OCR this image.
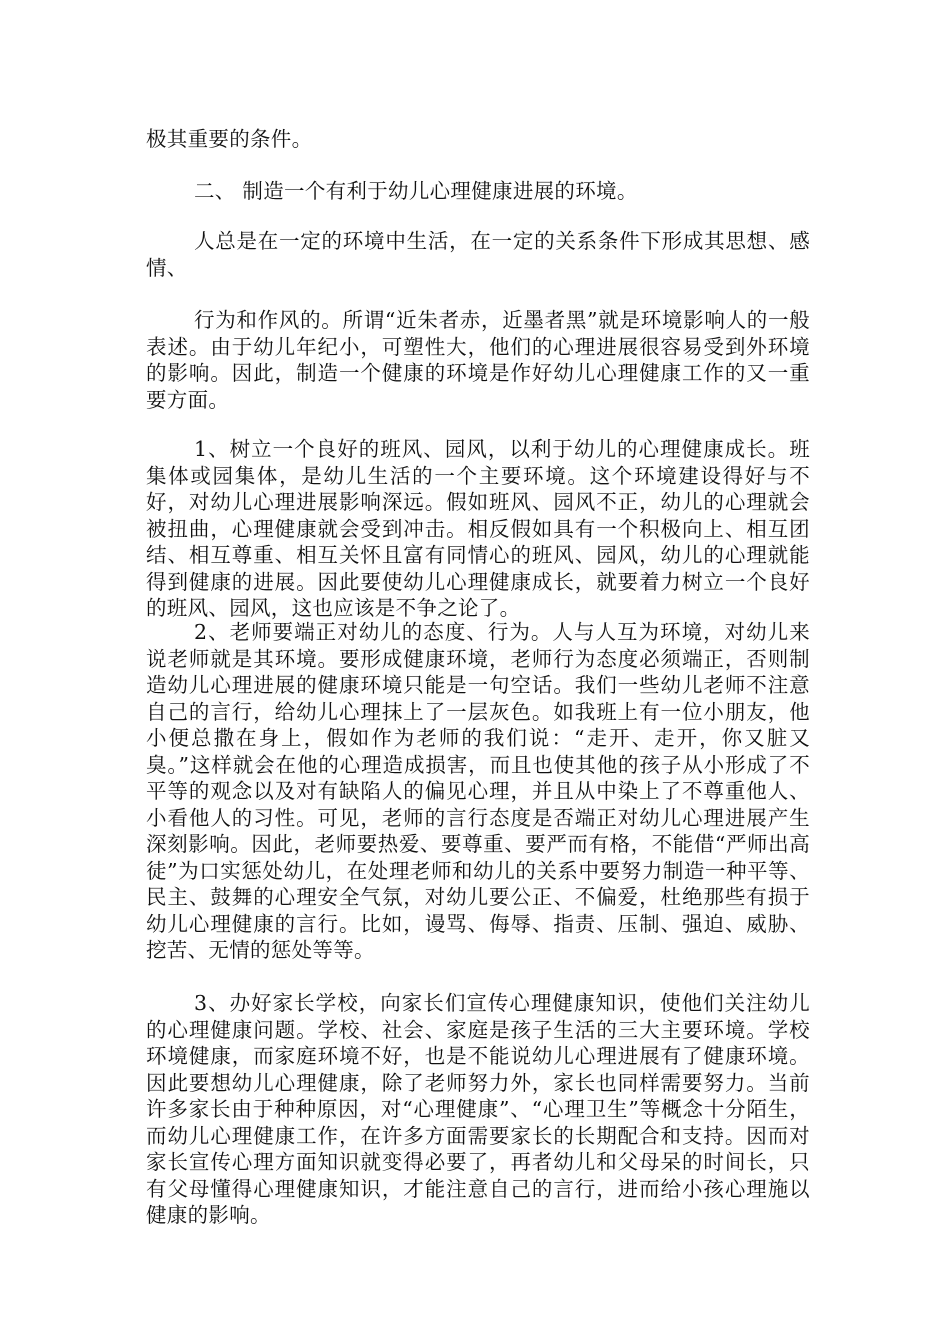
极其重要的条件。

二、 制造一个有利于幼儿心理健康进展的环境。

人总是在一定的环境中生活，在一定的关系条件下形成其思想、感情、

行为和作风的。所谓“近朱者赤，近墨者黑”就是环境影响人的一般表述。由于幼儿年纪小，可塑性大，他们的心理进展很容易受到外环境的影响。因此，制造一个健康的环境是作好幼儿心理健康工作的又一重要方面。

1、树立一个良好的班风、园风，以利于幼儿的心理健康成长。班集体或园集体，是幼儿生活的一个主要环境。这个环境建设得好与不好，对幼儿心理进展影响深远。假如班风、园风不正，幼儿的心理就会被扭曲，心理健康就会受到冲击。相反假如具有一个积极向上、相互团结、相互尊重、相互关怀且富有同情心的班风、园风，幼儿的心理就能得到健康的进展。因此要使幼儿心理健康成长，就要着力树立一个良好的班风、园风，这也应该是不争之论了。

2、老师要端正对幼儿的态度、行为。人与人互为环境，对幼儿来说老师就是其环境。要形成健康环境，老师行为态度必须端正，否则制造幼儿心理进展的健康环境只能是一句空话。我们一些幼儿老师不注意自己的言行，给幼儿心理抹上了一层灰色。如我班上有一位小朋友，他小便总撒在身上，假如作为老师的我们说：“走开、走开，你又脏又臭。”这样就会在他的心理造成损害，而且也使其他的孩子从小形成了不平等的观念以及对有缺陷人的偏见心理，并且从中染上了不尊重他人、小看他人的习性。可见，老师的言行态度是否端正对幼儿心理进展产生深刻影响。因此，老师要热爱、要尊重、要严而有格，不能借“严师出高徒”为口实惩处幼儿，在处理老师和幼儿的关系中要努力制造一种平等、民主、鼓舞的心理安全气氛，对幼儿要公正、不偏爱，杜绝那些有损于幼儿心理健康的言行。比如，谩骂、侮辱、指责、压制、强迫、威胁、挖苦、无情的惩处等等。

3、办好家长学校，向家长们宣传心理健康知识，使他们关注幼儿的心理健康问题。学校、社会、家庭是孩子生活的三大主要环境。学校环境健康，而家庭环境不好，也是不能说幼儿心理进展有了健康环境。因此要想幼儿心理健康，除了老师努力外，家长也同样需要努力。当前许多家长由于种种原因，对“心理健康”、“心理卫生”等概念十分陌生，而幼儿心理健康工作，在许多方面需要家长的长期配合和支持。因而对家长宣传心理方面知识就变得必要了，再者幼儿和父母呆的时间长，只有父母懂得心理健康知识，才能注意自己的言行，进而给小孩心理施以健康的影响。
